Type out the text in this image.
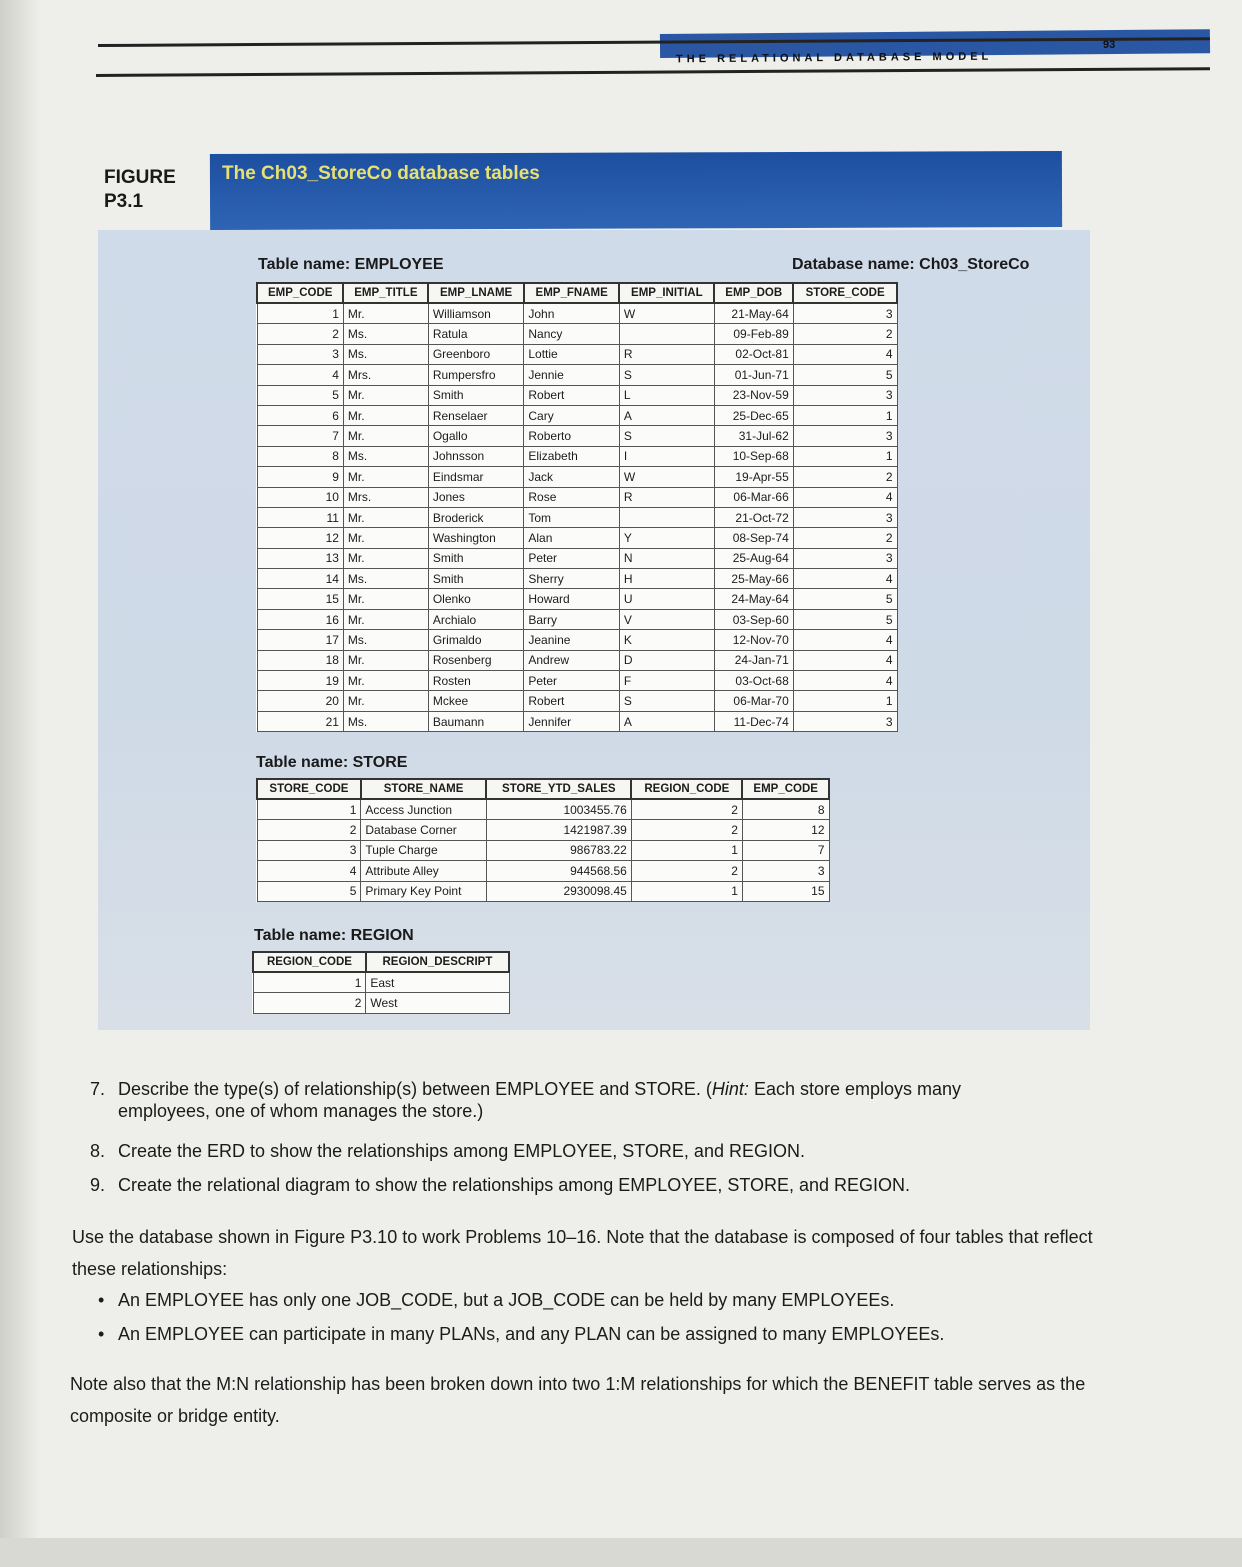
THE RELATIONAL DATABASE MODEL
93
FIGURE
P3.1
The Ch03_StoreCo database tables
Table name: EMPLOYEE	Database name: Ch03_StoreCo
EMP_CODE	EMP_TITLE	EMP_LNAME	EMP_FNAME	EMP_INITIAL	EMP_DOB	STORE_CODE
1	Mr.	Williamson	John	W	21-May-64	3
2	Ms.	Ratula	Nancy		09-Feb-89	2
3	Ms.	Greenboro	Lottie	R	02-Oct-81	4
4	Mrs.	Rumpersfro	Jennie	S	01-Jun-71	5
5	Mr.	Smith	Robert	L	23-Nov-59	3
6	Mr.	Renselaer	Cary	A	25-Dec-65	1
7	Mr.	Ogallo	Roberto	S	31-Jul-62	3
8	Ms.	Johnsson	Elizabeth	I	10-Sep-68	1
9	Mr.	Eindsmar	Jack	W	19-Apr-55	2
10	Mrs.	Jones	Rose	R	06-Mar-66	4
11	Mr.	Broderick	Tom		21-Oct-72	3
12	Mr.	Washington	Alan	Y	08-Sep-74	2
13	Mr.	Smith	Peter	N	25-Aug-64	3
14	Ms.	Smith	Sherry	H	25-May-66	4
15	Mr.	Olenko	Howard	U	24-May-64	5
16	Mr.	Archialo	Barry	V	03-Sep-60	5
17	Ms.	Grimaldo	Jeanine	K	12-Nov-70	4
18	Mr.	Rosenberg	Andrew	D	24-Jan-71	4
19	Mr.	Rosten	Peter	F	03-Oct-68	4
20	Mr.	Mckee	Robert	S	06-Mar-70	1
21	Ms.	Baumann	Jennifer	A	11-Dec-74	3
Table name: STORE
STORE_CODE	STORE_NAME	STORE_YTD_SALES	REGION_CODE	EMP_CODE
1	Access Junction	1003455.76	2	8
2	Database Corner	1421987.39	2	12
3	Tuple Charge	986783.22	1	7
4	Attribute Alley	944568.56	2	3
5	Primary Key Point	2930098.45	1	15
Table name: REGION
REGION_CODE	REGION_DESCRIPT
1	East
2	West
7. Describe the type(s) of relationship(s) between EMPLOYEE and STORE. (Hint: Each store employs many
employees, one of whom manages the store.)
8. Create the ERD to show the relationships among EMPLOYEE, STORE, and REGION.
9. Create the relational diagram to show the relationships among EMPLOYEE, STORE, and REGION.
Use the database shown in Figure P3.10 to work Problems 10–16. Note that the database is composed of four tables that reflect these relationships:
• An EMPLOYEE has only one JOB_CODE, but a JOB_CODE can be held by many EMPLOYEEs.
• An EMPLOYEE can participate in many PLANs, and any PLAN can be assigned to many EMPLOYEEs.
Note also that the M:N relationship has been broken down into two 1:M relationships for which the BENEFIT table serves as the composite or bridge entity.
